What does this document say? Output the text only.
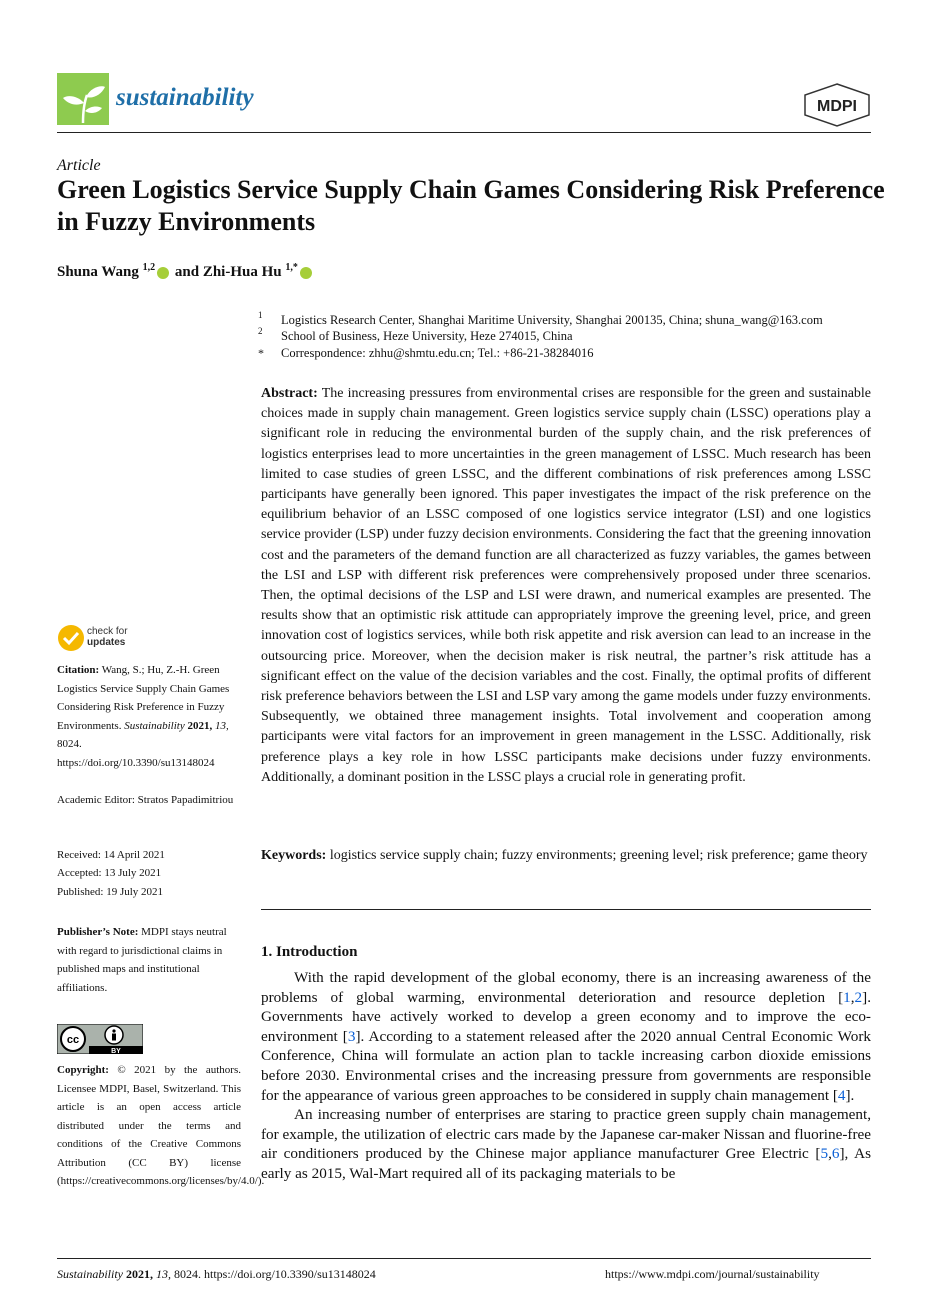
sustainability	MDPI
Article
Green Logistics Service Supply Chain Games Considering Risk Preference in Fuzzy Environments
Shuna Wang $^{1,2}$ and Zhi-Hua Hu $^{1,*}$
1	Logistics Research Center, Shanghai Maritime University, Shanghai 200135, China; shuna_wang@163.com
2	School of Business, Heze University, Heze 274015, China
*	Correspondence: zhhu@shmtu.edu.cn; Tel.: +86-21-38284016
Abstract: The increasing pressures from environmental crises are responsible for the green and sustainable choices made in supply chain management. Green logistics service supply chain (LSSC) operations play a significant role in reducing the environmental burden of the supply chain, and the risk preferences of logistics enterprises lead to more uncertainties in the green management of LSSC. Much research has been limited to case studies of green LSSC, and the different combinations of risk preferences among LSSC participants have generally been ignored. This paper investigates the impact of the risk preference on the equilibrium behavior of an LSSC composed of one logistics service integrator (LSI) and one logistics service provider (LSP) under fuzzy decision environments. Considering the fact that the greening innovation cost and the parameters of the demand function are all characterized as fuzzy variables, the games between the LSI and LSP with different risk preferences were comprehensively proposed under three scenarios. Then, the optimal decisions of the LSP and LSI were drawn, and numerical examples are presented. The results show that an optimistic risk attitude can appropriately improve the greening level, price, and green innovation cost of logistics services, while both risk appetite and risk aversion can lead to an increase in the outsourcing price. Moreover, when the decision maker is risk neutral, the partner’s risk attitude has a significant effect on the value of the decision variables and the cost. Finally, the optimal profits of different risk preference behaviors between the LSI and LSP vary among the game models under fuzzy environments. Subsequently, we obtained three management insights. Total involvement and cooperation among participants were vital factors for an improvement in green management in the LSSC. Additionally, risk preference plays a key role in how LSSC participants make decisions under fuzzy environments. Additionally, a dominant position in the LSSC plays a crucial role in generating profit.
Keywords: logistics service supply chain; fuzzy environments; greening level; risk preference; game theory
1. Introduction

With the rapid development of the global economy, there is an increasing awareness of the problems of global warming, environmental deterioration and resource depletion [1,2]. Governments have actively worked to develop a green economy and to improve the eco-environment [3]. According to a statement released after the 2020 annual Central Economic Work Conference, China will formulate an action plan to tackle increasing carbon dioxide emissions before 2030. Environmental crises and the increasing pressure from governments are responsible for the appearance of various green approaches to be considered in supply chain management [4].

An increasing number of enterprises are staring to practice green supply chain management, for example, the utilization of electric cars made by the Japanese car-maker Nissan and fluorine-free air conditioners produced by the Chinese major appliance manufacturer Gree Electric [5,6], As early as 2015, Wal-Mart required all of its packaging materials to be

check for
updates
Citation: Wang, S.; Hu, Z.-H. Green Logistics Service Supply Chain Games Considering Risk Preference in Fuzzy Environments. Sustainability 2021, 13, 8024. https://doi.org/10.3390/su13148024
Academic Editor: Stratos Papadimitriou
Received: 14 April 2021
Accepted: 13 July 2021
Published: 19 July 2021
Publisher’s Note: MDPI stays neutral with regard to jurisdictional claims in published maps and institutional affiliations.
cc
BY
Copyright: © 2021 by the authors. Licensee MDPI, Basel, Switzerland. This article is an open access article distributed under the terms and conditions of the Creative Commons Attribution (CC BY) license (https://creativecommons.org/licenses/by/4.0/).
Sustainability 2021, 13, 8024. https://doi.org/10.3390/su13148024	https://www.mdpi.com/journal/sustainability
